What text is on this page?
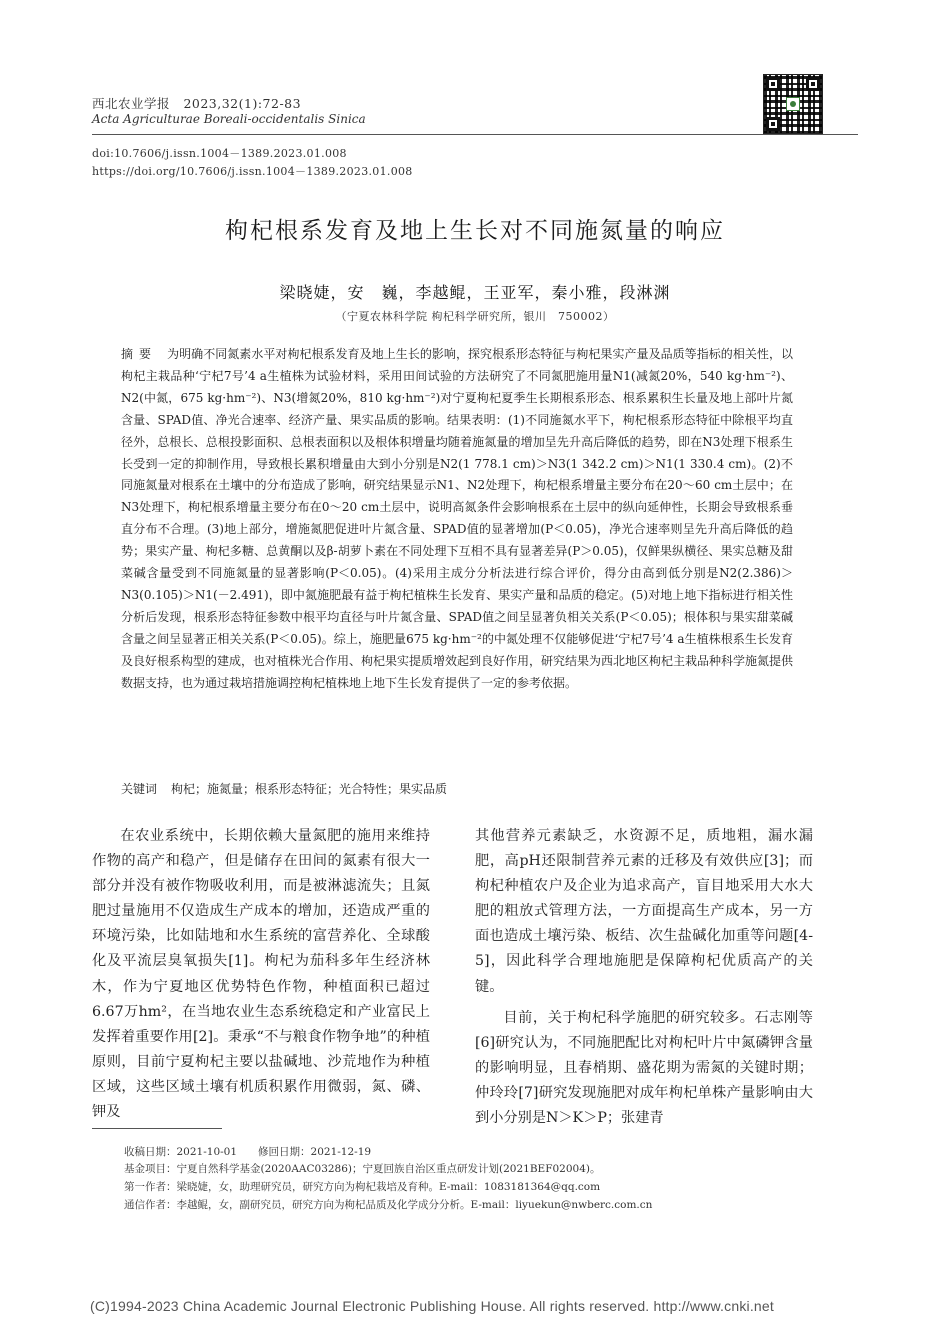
西北农业学报 2023,32(1):72-83
Acta Agriculturae Boreali-occidentalis Sinica
doi:10.7606/j.issn.1004－1389.2023.01.008
https://doi.org/10.7606/j.issn.1004－1389.2023.01.008
枸杞根系发育及地上生长对不同施氮量的响应
梁晓婕，安　巍，李越鲲，王亚军，秦小雅，段淋渊
（宁夏农林科学院 枸杞科学研究所，银川　750002）
摘要 为明确不同氮素水平对枸杞根系发育及地上生长的影响，探究根系形态特征与枸杞果实产量及品质等指标的相关性，以枸杞主栽品种‘宁杞7号’4 a生植株为试验材料，采用田间试验的方法研究了不同氮肥施用量N1(减氮20%，540 kg·hm⁻²)、N2(中氮，675 kg·hm⁻²)、N3(增氮20%，810 kg·hm⁻²)对宁夏枸杞夏季生长期根系形态、根系累积生长量及地上部叶片氮含量、SPAD值、净光合速率、经济产量、果实品质的影响。结果表明：(1)不同施氮水平下，枸杞根系形态特征中除根平均直径外，总根长、总根投影面积、总根表面积以及根体积增量均随着施氮量的增加呈先升高后降低的趋势，即在N3处理下根系生长受到一定的抑制作用，导致根长累积增量由大到小分别是N2(1 778.1 cm)＞N3(1 342.2 cm)＞N1(1 330.4 cm)。(2)不同施氮量对根系在土壤中的分布造成了影响，研究结果显示N1、N2处理下，枸杞根系增量主要分布在20～60 cm土层中；在N3处理下，枸杞根系增量主要分布在0～20 cm土层中，说明高氮条件会影响根系在土层中的纵向延伸性，长期会导致根系垂直分布不合理。(3)地上部分，增施氮肥促进叶片氮含量、SPAD值的显著增加(P＜0.05)，净光合速率则呈先升高后降低的趋势；果实产量、枸杞多糖、总黄酮以及β-胡萝卜素在不同处理下互相不具有显著差异(P＞0.05)，仅鲜果纵横径、果实总糖及甜菜碱含量受到不同施氮量的显著影响(P＜0.05)。(4)采用主成分分析法进行综合评价，得分由高到低分别是N2(2.386)＞N3(0.105)＞N1(－2.491)，即中氮施肥最有益于枸杞植株生长发育、果实产量和品质的稳定。(5)对地上地下指标进行相关性分析后发现，根系形态特征参数中根平均直径与叶片氮含量、SPAD值之间呈显著负相关关系(P＜0.05)；根体积与果实甜菜碱含量之间呈显著正相关关系(P＜0.05)。综上，施肥量675 kg·hm⁻²的中氮处理不仅能够促进‘宁杞7号’4 a生植株根系生长发育及良好根系构型的建成，也对植株光合作用、枸杞果实提质增效起到良好作用，研究结果为西北地区枸杞主栽品种科学施氮提供数据支持，也为通过栽培措施调控枸杞植株地上地下生长发育提供了一定的参考依据。
关键词 枸杞；施氮量；根系形态特征；光合特性；果实品质

在农业系统中，长期依赖大量氮肥的施用来维持作物的高产和稳产，但是储存在田间的氮素有很大一部分并没有被作物吸收利用，而是被淋滤流失；且氮肥过量施用不仅造成生产成本的增加，还造成严重的环境污染，比如陆地和水生系统的富营养化、全球酸化及平流层臭氧损失[1]。枸杞为茄科多年生经济林木，作为宁夏地区优势特色作物，种植面积已超过6.67万hm²，在当地农业生态系统稳定和产业富民上发挥着重要作用[2]。秉承“不与粮食作物争地”的种植原则，目前宁夏枸杞主要以盐碱地、沙荒地作为种植区域，这些区域土壤有机质积累作用微弱，氮、磷、钾及

其他营养元素缺乏，水资源不足，质地粗，漏水漏肥，高pH还限制营养元素的迁移及有效供应[3]；而枸杞种植农户及企业为追求高产，盲目地采用大水大肥的粗放式管理方法，一方面提高生产成本，另一方面也造成土壤污染、板结、次生盐碱化加重等问题[4-5]，因此科学合理地施肥是保障枸杞优质高产的关键。

目前，关于枸杞科学施肥的研究较多。石志刚等[6]研究认为，不同施肥配比对枸杞叶片中氮磷钾含量的影响明显，且春梢期、盛花期为需氮的关键时期；仲玲玲[7]研究发现施肥对成年枸杞单株产量影响由大到小分别是N＞K＞P；张建青

收稿日期：2021-10-01　　修回日期：2021-12-19
基金项目：宁夏自然科学基金(2020AAC03286)；宁夏回族自治区重点研发计划(2021BEF02004)。
第一作者：梁晓婕，女，助理研究员，研究方向为枸杞栽培及育种。E-mail：1083181364@qq.com
通信作者：李越鲲，女，副研究员，研究方向为枸杞品质及化学成分分析。E-mail：liyuekun@nwberc.com.cn
(C)1994-2023 China Academic Journal Electronic Publishing House. All rights reserved. http://www.cnki.net
